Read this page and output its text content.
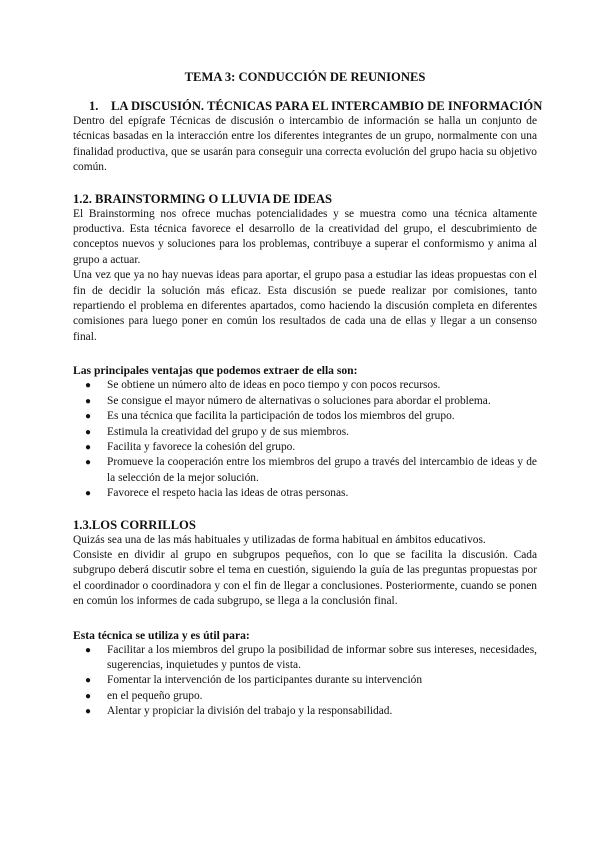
TEMA 3: CONDUCCIÓN DE REUNIONES
1. LA DISCUSIÓN. TÉCNICAS PARA EL INTERCAMBIO DE INFORMACIÓN

Dentro del epígrafe Técnicas de discusión o intercambio de información se halla un conjunto de técnicas basadas en la interacción entre los diferentes integrantes de un grupo, normalmente con una finalidad productiva, que se usarán para conseguir una correcta evolución del grupo hacia su objetivo común.

1.2. BRAINSTORMING O LLUVIA DE IDEAS

El Brainstorming nos ofrece muchas potencialidades y se muestra como una técnica altamente productiva. Esta técnica favorece el desarrollo de la creatividad del grupo, el descubrimiento de conceptos nuevos y soluciones para los problemas, contribuye a superar el conformismo y anima al grupo a actuar.

Una vez que ya no hay nuevas ideas para aportar, el grupo pasa a estudiar las ideas propuestas con el fin de decidir la solución más eficaz. Esta discusión se puede realizar por comisiones, tanto repartiendo el problema en diferentes apartados, como haciendo la discusión completa en diferentes comisiones para luego poner en común los resultados de cada una de ellas y llegar a un consenso final.

Las principales ventajas que podemos extraer de ella son:
● Se obtiene un número alto de ideas en poco tiempo y con pocos recursos.
● Se consigue el mayor número de alternativas o soluciones para abordar el problema.
● Es una técnica que facilita la participación de todos los miembros del grupo.
● Estimula la creatividad del grupo y de sus miembros.
● Facilita y favorece la cohesión del grupo.
● Promueve la cooperación entre los miembros del grupo a través del intercambio de ideas y de la selección de la mejor solución.
● Favorece el respeto hacia las ideas de otras personas.
1.3.LOS CORRILLOS

Quizás sea una de las más habituales y utilizadas de forma habitual en ámbitos educativos.

Consiste en dividir al grupo en subgrupos pequeños, con lo que se facilita la discusión. Cada subgrupo deberá discutir sobre el tema en cuestión, siguiendo la guía de las preguntas propuestas por el coordinador o coordinadora y con el fin de llegar a conclusiones. Posteriormente, cuando se ponen en común los informes de cada subgrupo, se llega a la conclusión final.

Esta técnica se utiliza y es útil para:
● Facilitar a los miembros del grupo la posibilidad de informar sobre sus intereses, necesidades, sugerencias, inquietudes y puntos de vista.
● Fomentar la intervención de los participantes durante su intervención
● en el pequeño grupo.
● Alentar y propiciar la división del trabajo y la responsabilidad.
